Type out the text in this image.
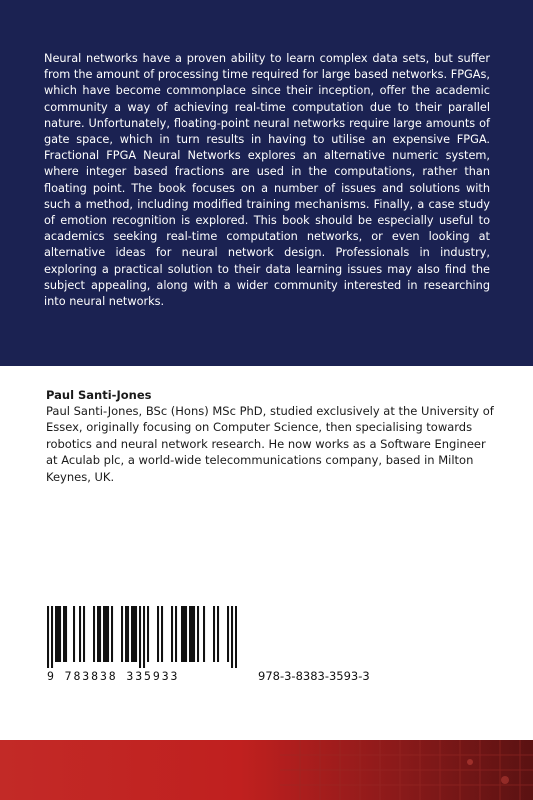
Neural networks have a proven ability to learn complex data sets, but suffer from the amount of processing time required for large based networks. FPGAs, which have become commonplace since their inception, offer the academic community a way of achieving real-time computation due to their parallel nature. Unfortunately, floating-point neural networks require large amounts of gate space, which in turn results in having to utilise an expensive FPGA. Fractional FPGA Neural Networks explores an alternative numeric system, where integer based fractions are used in the computations, rather than floating point. The book focuses on a number of issues and solutions with such a method, including modified training mechanisms. Finally, a case study of emotion recognition is explored. This book should be especially useful to academics seeking real-time computation networks, or even looking at alternative ideas for neural network design. Professionals in industry, exploring a practical solution to their data learning issues may also find the subject appealing, along with a wider community interested in researching into neural networks.

Paul Santi-Jones

Paul Santi-Jones, BSc (Hons) MSc PhD, studied exclusively at the University of Essex, originally focusing on Computer Science, then specialising towards robotics and neural network research. He now works as a Software Engineer at Aculab plc, a world-wide telecommunications company, based in Milton Keynes, UK.

9 783838 335933	978-3-8383-3593-3
